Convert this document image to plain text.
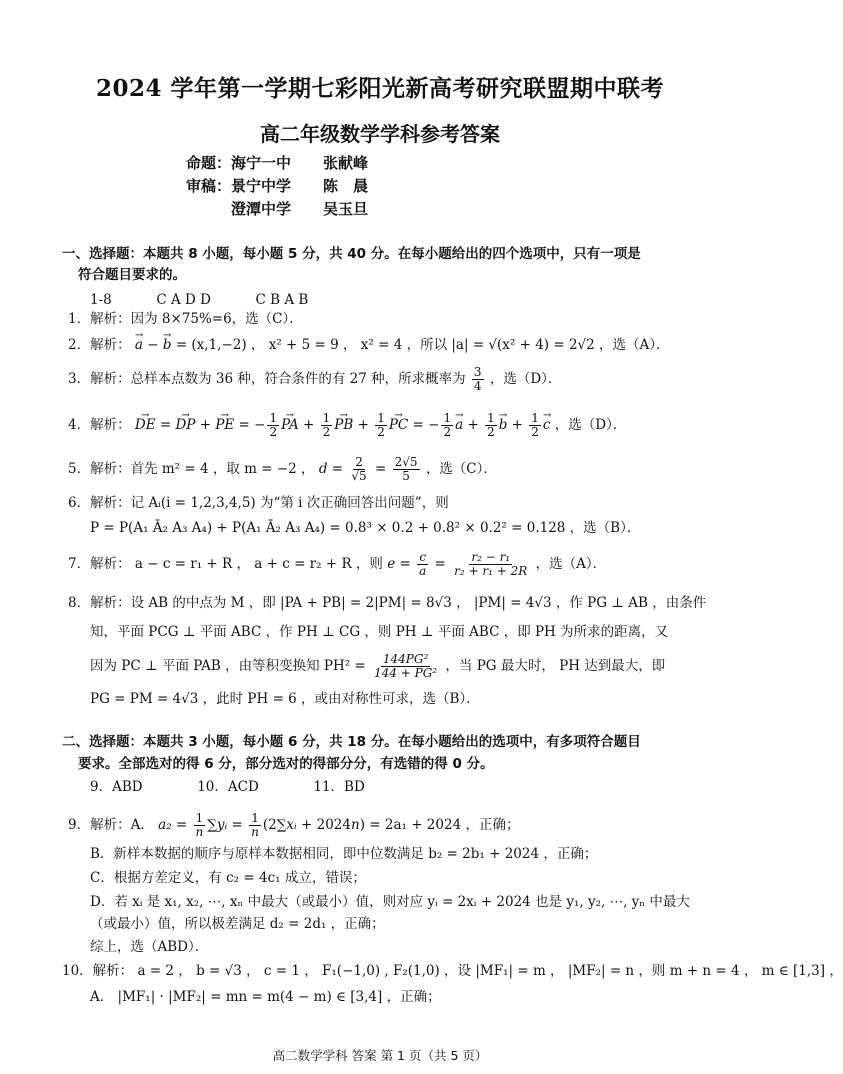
2024 学年第一学期七彩阳光新高考研究联盟期中联考
高二年级数学学科参考答案
命题： 海宁一中	张献峰
审稿： 景宁中学	陈　晨
澄潭中学	吴玉旦
一、选择题：本题共 8 小题，每小题 5 分，共 40 分。在每小题给出的四个选项中，只有一项是
符合题目要求的。
1-8	C A D D	C B A B
1．解析：因为 8×75%=6，选（C）．
2．解析： → a − → b = (x,1,−2) ， x² + 5 = 9 ， x² = 4 ，所以 |a| = √(x² + 4) = 2√2 ，选（A）．
3．解析：总样本点数为 36 种，符合条件的有 27 种，所求概率为 $\frac{3}{4}$ ，选（D）．
4．解析： → DE = → DP + → PE = − $\frac{1}{2}$ → PA + $\frac{1}{2}$ → PB + $\frac{1}{2}$ → PC = − $\frac{1}{2} \to a + \frac{1}{2} \to b + \frac{1}{2} \to c$ ，选（D）．
5．解析：首先 m² = 4 ，取 m = −2 ， $d = \frac{2}{√5} = \frac{2√5}{5}$ ，选（C）．
6．解析：记 Aᵢ(i = 1,2,3,4,5) 为“第 i 次正确回答出问题”，则
P = P(A₁ Ā₂ A₃ A₄) + P(A₁ Ā₂ A₃ A₄) = 0.8³ × 0.2 + 0.8² × 0.2² = 0.128 ，选（B）．
7．解析： a − c = r₁ + R ， a + c = r₂ + R ，则 $e = \frac{c}{a} = \frac{\text{r₂ − r₁}}{\text{r₂ + r₁ + 2R}}$ ，选（A）．
8．解析：设 AB 的中点为 M ，即 |PA + PB| = 2|PM| = 8√3 ， |PM| = 4√3 ，作 PG ⊥ AB ，由条件
知，平面 PCG ⊥ 平面 ABC ，作 PH ⊥ CG ，则 PH ⊥ 平面 ABC ，即 PH 为所求的距离，又
因为 PC ⊥ 平面 PAB ，由等积变换知 $PH^2 = \frac{\text{144PG²}}{\text{144 + PG²}}$ ，当 PG 最大时， PH 达到最大，即
PG = PM = 4√3 ，此时 PH = 6 ，或由对称性可求，选（B）．
二、选择题：本题共 3 小题，每小题 6 分，共 18 分。在每小题给出的选项中，有多项符合题目
要求。全部选对的得 6 分，部分选对的得部分分，有选错的得 0 分。
9．ABD	10．ACD	11．BD
9．解析：A． $a_2 = \frac{1}{n}$ ∑yᵢ = $\frac{1}{n}$ (2∑xᵢ + 2024n) = 2a₁ + 2024 ，正确；
B．新样本数据的顺序与原样本数据相同，即中位数满足 b₂ = 2b₁ + 2024 ，正确；
C．根据方差定义，有 c₂ = 4c₁ 成立，错误；
D．若 xᵢ 是 x₁, x₂, ⋯, xₙ 中最大（或最小）值，则对应 yᵢ = 2xᵢ + 2024 也是 y₁, y₂, ⋯, yₙ 中最大
（或最小）值，所以极差满足 d₂ = 2d₁ ，正确；
综上，选（ABD）．
10．解析： a = 2 ， b = √3 ， c = 1 ， F₁(−1,0) , F₂(1,0) ，设 |MF₁| = m ， |MF₂| = n ，则 m + n = 4 ， m ∈ [1,3] ，
A． |MF₁| · |MF₂| = mn = m(4 − m) ∈ [3,4] ，正确；
高二数学学科 答案 第 1 页（共 5 页）
